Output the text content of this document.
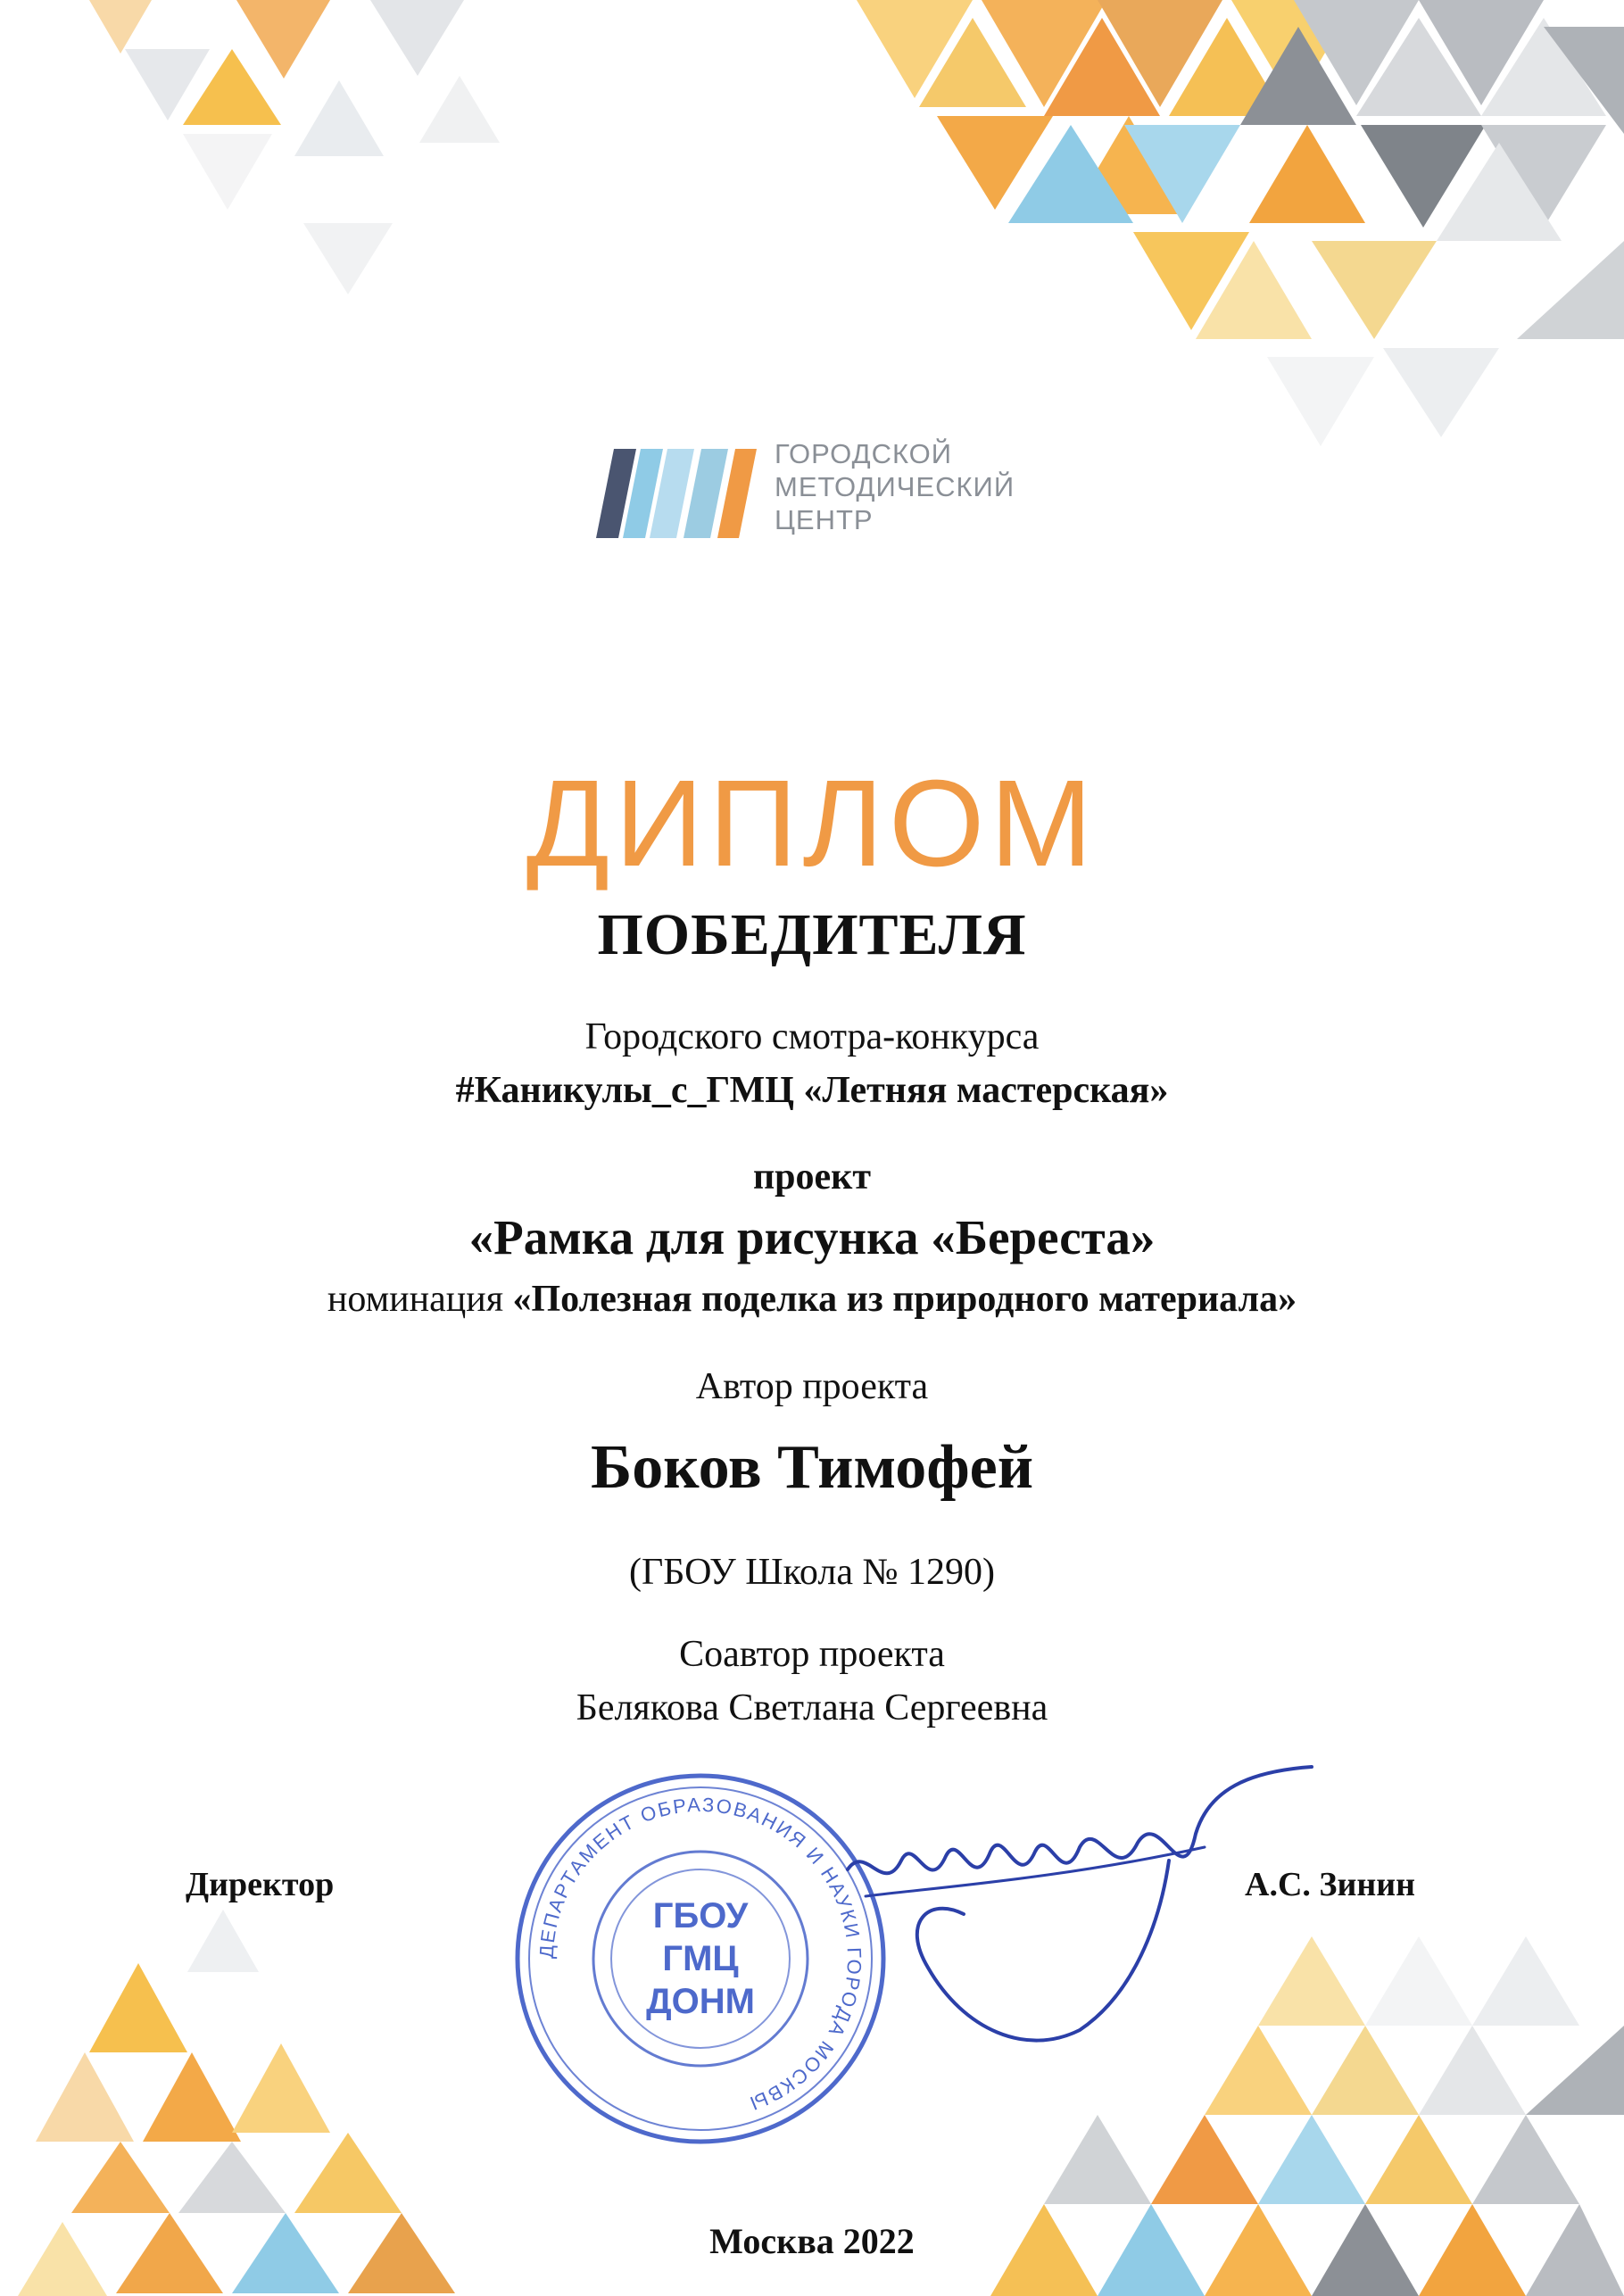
ГОРОДСКОЙ
МЕТОДИЧЕСКИЙ
ЦЕНТР
ДИПЛОМ
ПОБЕДИТЕЛЯ
Городского смотра-конкурса
#Каникулы_с_ГМЦ «Летняя мастерская»
проект
«Рамка для рисунка «Береста»
номинация «Полезная поделка из природного материала»
Автор проекта
Боков Тимофей
(ГБОУ Школа № 1290)
Соавтор проекта
Белякова Светлана Сергеевна
ДЕПАРТАМЕНТ ОБРАЗОВАНИЯ И НАУКИ ГОРОДА МОСКВЫ
ГБОУ
ГМЦ
ДОНМ
Директор	А.С. Зинин
Москва 2022
